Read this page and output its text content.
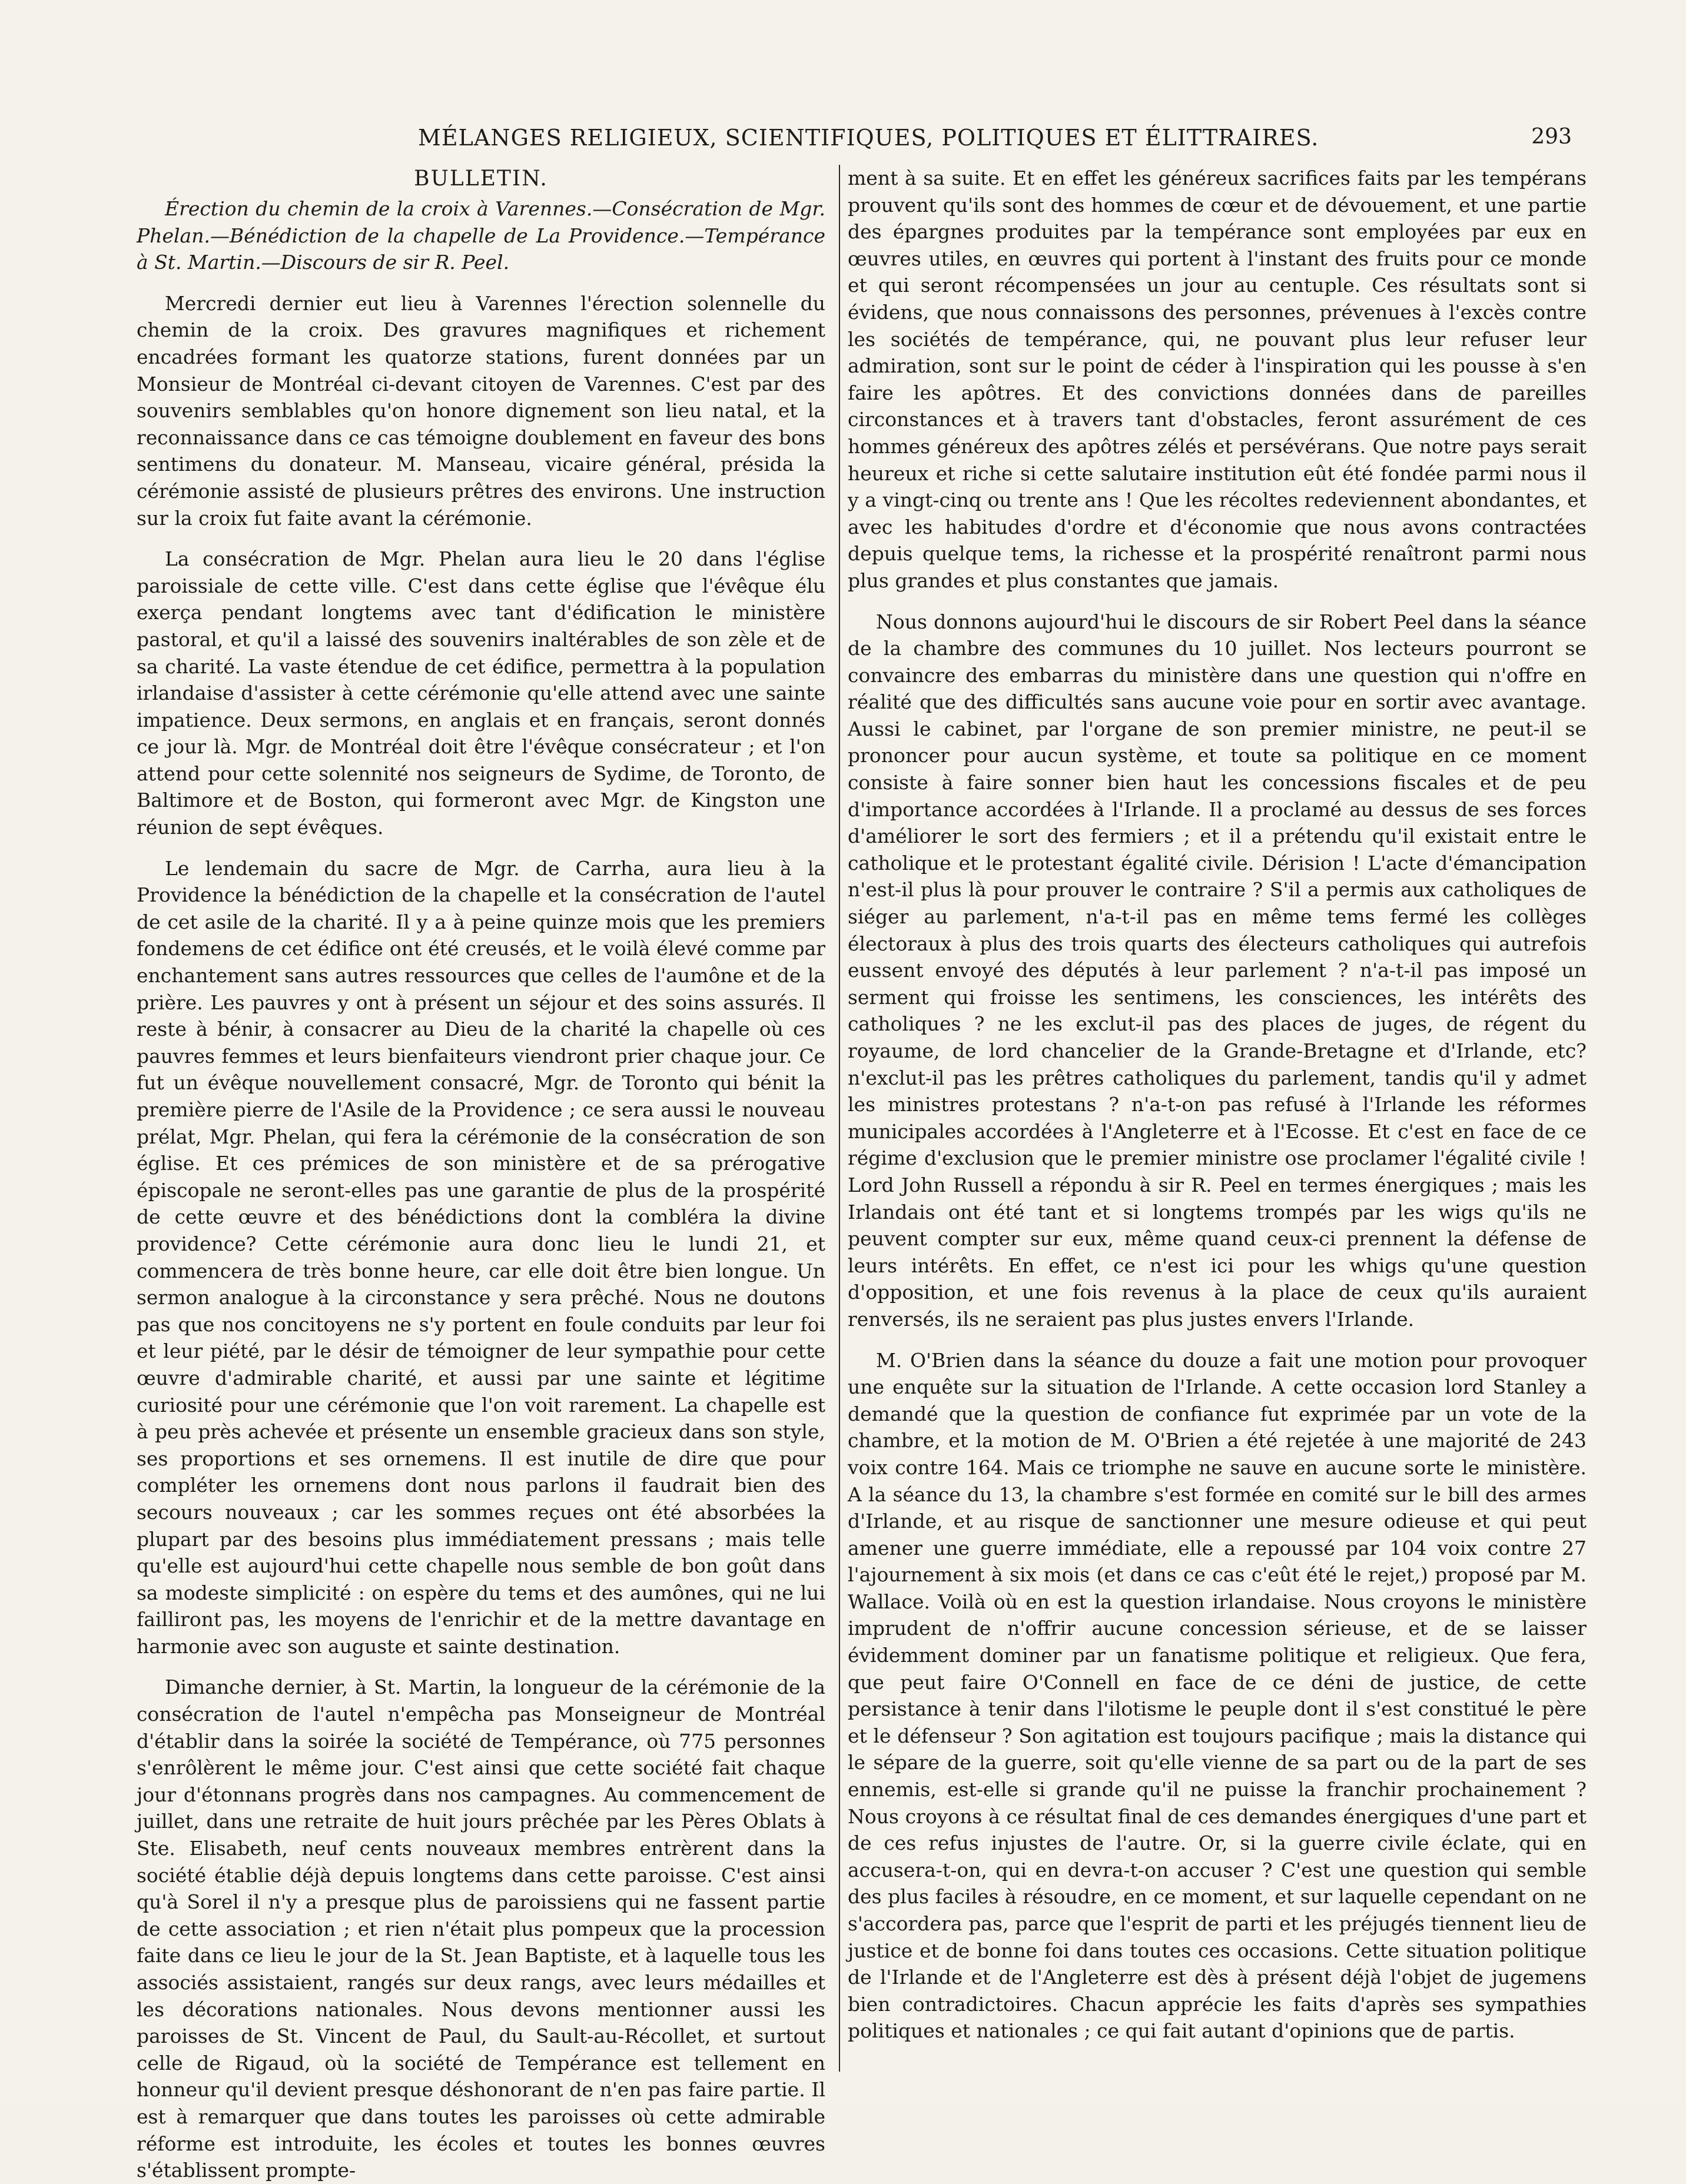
MÉLANGES RELIGIEUX, SCIENTIFIQUES, POLITIQUES ET ÉLITTRAIRES.	293
BULLETIN.

Érection du chemin de la croix à Varennes.—Consécration de Mgr. Phelan.—Bénédiction de la chapelle de La Providence.—Tempérance à St. Martin.—Discours de sir R. Peel.

Mercredi dernier eut lieu à Varennes l'érection solennelle du chemin de la croix. Des gravures magnifiques et richement encadrées formant les quatorze stations, furent données par un Monsieur de Montréal ci-devant citoyen de Varennes. C'est par des souvenirs semblables qu'on honore dignement son lieu natal, et la reconnaissance dans ce cas témoigne doublement en faveur des bons sentimens du donateur. M. Manseau, vicaire général, présida la cérémonie assisté de plusieurs prêtres des environs. Une instruction sur la croix fut faite avant la cérémonie.

La consécration de Mgr. Phelan aura lieu le 20 dans l'église paroissiale de cette ville. C'est dans cette église que l'évêque élu exerça pendant longtems avec tant d'édification le ministère pastoral, et qu'il a laissé des souvenirs inaltérables de son zèle et de sa charité. La vaste étendue de cet édifice, permettra à la population irlandaise d'assister à cette cérémonie qu'elle attend avec une sainte impatience. Deux sermons, en anglais et en français, seront donnés ce jour là. Mgr. de Montréal doit être l'évêque consécrateur ; et l'on attend pour cette solennité nos seigneurs de Sydime, de Toronto, de Baltimore et de Boston, qui formeront avec Mgr. de Kingston une réunion de sept évêques.

Le lendemain du sacre de Mgr. de Carrha, aura lieu à la Providence la bénédiction de la chapelle et la consécration de l'autel de cet asile de la charité. Il y a à peine quinze mois que les premiers fondemens de cet édifice ont été creusés, et le voilà élevé comme par enchantement sans autres ressources que celles de l'aumône et de la prière. Les pauvres y ont à présent un séjour et des soins assurés. Il reste à bénir, à consacrer au Dieu de la charité la chapelle où ces pauvres femmes et leurs bienfaiteurs viendront prier chaque jour. Ce fut un évêque nouvellement consacré, Mgr. de Toronto qui bénit la première pierre de l'Asile de la Providence ; ce sera aussi le nouveau prélat, Mgr. Phelan, qui fera la cérémonie de la consécration de son église. Et ces prémices de son ministère et de sa prérogative épiscopale ne seront-elles pas une garantie de plus de la prospérité de cette œuvre et des bénédictions dont la combléra la divine providence? Cette cérémonie aura donc lieu le lundi 21, et commencera de très bonne heure, car elle doit être bien longue. Un sermon analogue à la circonstance y sera prêché. Nous ne doutons pas que nos concitoyens ne s'y portent en foule conduits par leur foi et leur piété, par le désir de témoigner de leur sympathie pour cette œuvre d'admirable charité, et aussi par une sainte et légitime curiosité pour une cérémonie que l'on voit rarement. La chapelle est à peu près achevée et présente un ensemble gracieux dans son style, ses proportions et ses ornemens. Il est inutile de dire que pour compléter les ornemens dont nous parlons il faudrait bien des secours nouveaux ; car les sommes reçues ont été absorbées la plupart par des besoins plus immédiatement pressans ; mais telle qu'elle est aujourd'hui cette chapelle nous semble de bon goût dans sa modeste simplicité : on espère du tems et des aumônes, qui ne lui failliront pas, les moyens de l'enrichir et de la mettre davantage en harmonie avec son auguste et sainte destination.

Dimanche dernier, à St. Martin, la longueur de la cérémonie de la consécration de l'autel n'empêcha pas Monseigneur de Montréal d'établir dans la soirée la société de Tempérance, où 775 personnes s'enrôlèrent le même jour. C'est ainsi que cette société fait chaque jour d'étonnans progrès dans nos campagnes. Au commencement de juillet, dans une retraite de huit jours prêchée par les Pères Oblats à Ste. Elisabeth, neuf cents nouveaux membres entrèrent dans la société établie déjà depuis longtems dans cette paroisse. C'est ainsi qu'à Sorel il n'y a presque plus de paroissiens qui ne fassent partie de cette association ; et rien n'était plus pompeux que la procession faite dans ce lieu le jour de la St. Jean Baptiste, et à laquelle tous les associés assistaient, rangés sur deux rangs, avec leurs médailles et les décorations nationales. Nous devons mentionner aussi les paroisses de St. Vincent de Paul, du Sault-au-Récollet, et surtout celle de Rigaud, où la société de Tempérance est tellement en honneur qu'il devient presque déshonorant de n'en pas faire partie. Il est à remarquer que dans toutes les paroisses où cette admirable réforme est introduite, les écoles et toutes les bonnes œuvres s'établissent prompte-

ment à sa suite. Et en effet les généreux sacrifices faits par les tempérans prouvent qu'ils sont des hommes de cœur et de dévouement, et une partie des épargnes produites par la tempérance sont employées par eux en œuvres utiles, en œuvres qui portent à l'instant des fruits pour ce monde et qui seront récompensées un jour au centuple. Ces résultats sont si évidens, que nous connaissons des personnes, prévenues à l'excès contre les sociétés de tempérance, qui, ne pouvant plus leur refuser leur admiration, sont sur le point de céder à l'inspiration qui les pousse à s'en faire les apôtres. Et des convictions données dans de pareilles circonstances et à travers tant d'obstacles, feront assurément de ces hommes généreux des apôtres zélés et persévérans. Que notre pays serait heureux et riche si cette salutaire institution eût été fondée parmi nous il y a vingt-cinq ou trente ans ! Que les récoltes redeviennent abondantes, et avec les habitudes d'ordre et d'économie que nous avons contractées depuis quelque tems, la richesse et la prospérité renaîtront parmi nous plus grandes et plus constantes que jamais.

Nous donnons aujourd'hui le discours de sir Robert Peel dans la séance de la chambre des communes du 10 juillet. Nos lecteurs pourront se convaincre des embarras du ministère dans une question qui n'offre en réalité que des difficultés sans aucune voie pour en sortir avec avantage. Aussi le cabinet, par l'organe de son premier ministre, ne peut-il se prononcer pour aucun système, et toute sa politique en ce moment consiste à faire sonner bien haut les concessions fiscales et de peu d'importance accordées à l'Irlande. Il a proclamé au dessus de ses forces d'améliorer le sort des fermiers ; et il a prétendu qu'il existait entre le catholique et le protestant égalité civile. Dérision ! L'acte d'émancipation n'est-il plus là pour prouver le contraire ? S'il a permis aux catholiques de siéger au parlement, n'a-t-il pas en même tems fermé les collèges électoraux à plus des trois quarts des électeurs catholiques qui autrefois eussent envoyé des députés à leur parlement ? n'a-t-il pas imposé un serment qui froisse les sentimens, les consciences, les intérêts des catholiques ? ne les exclut-il pas des places de juges, de régent du royaume, de lord chancelier de la Grande-Bretagne et d'Irlande, etc? n'exclut-il pas les prêtres catholiques du parlement, tandis qu'il y admet les ministres protestans ? n'a-t-on pas refusé à l'Irlande les réformes municipales accordées à l'Angleterre et à l'Ecosse. Et c'est en face de ce régime d'exclusion que le premier ministre ose proclamer l'égalité civile ! Lord John Russell a répondu à sir R. Peel en termes énergiques ; mais les Irlandais ont été tant et si longtems trompés par les wigs qu'ils ne peuvent compter sur eux, même quand ceux-ci prennent la défense de leurs intérêts. En effet, ce n'est ici pour les whigs qu'une question d'opposition, et une fois revenus à la place de ceux qu'ils auraient renversés, ils ne seraient pas plus justes envers l'Irlande.

M. O'Brien dans la séance du douze a fait une motion pour provoquer une enquête sur la situation de l'Irlande. A cette occasion lord Stanley a demandé que la question de confiance fut exprimée par un vote de la chambre, et la motion de M. O'Brien a été rejetée à une majorité de 243 voix contre 164. Mais ce triomphe ne sauve en aucune sorte le ministère. A la séance du 13, la chambre s'est formée en comité sur le bill des armes d'Irlande, et au risque de sanctionner une mesure odieuse et qui peut amener une guerre immédiate, elle a repoussé par 104 voix contre 27 l'ajournement à six mois (et dans ce cas c'eût été le rejet,) proposé par M. Wallace. Voilà où en est la question irlandaise. Nous croyons le ministère imprudent de n'offrir aucune concession sérieuse, et de se laisser évidemment dominer par un fanatisme politique et religieux. Que fera, que peut faire O'Connell en face de ce déni de justice, de cette persistance à tenir dans l'ilotisme le peuple dont il s'est constitué le père et le défenseur ? Son agitation est toujours pacifique ; mais la distance qui le sépare de la guerre, soit qu'elle vienne de sa part ou de la part de ses ennemis, est-elle si grande qu'il ne puisse la franchir prochainement ? Nous croyons à ce résultat final de ces demandes énergiques d'une part et de ces refus injustes de l'autre. Or, si la guerre civile éclate, qui en accusera-t-on, qui en devra-t-on accuser ? C'est une question qui semble des plus faciles à résoudre, en ce moment, et sur laquelle cependant on ne s'accordera pas, parce que l'esprit de parti et les préjugés tiennent lieu de justice et de bonne foi dans toutes ces occasions. Cette situation politique de l'Irlande et de l'Angleterre est dès à présent déjà l'objet de jugemens bien contradictoires. Chacun apprécie les faits d'après ses sympathies politiques et nationales ; ce qui fait autant d'opinions que de partis.
